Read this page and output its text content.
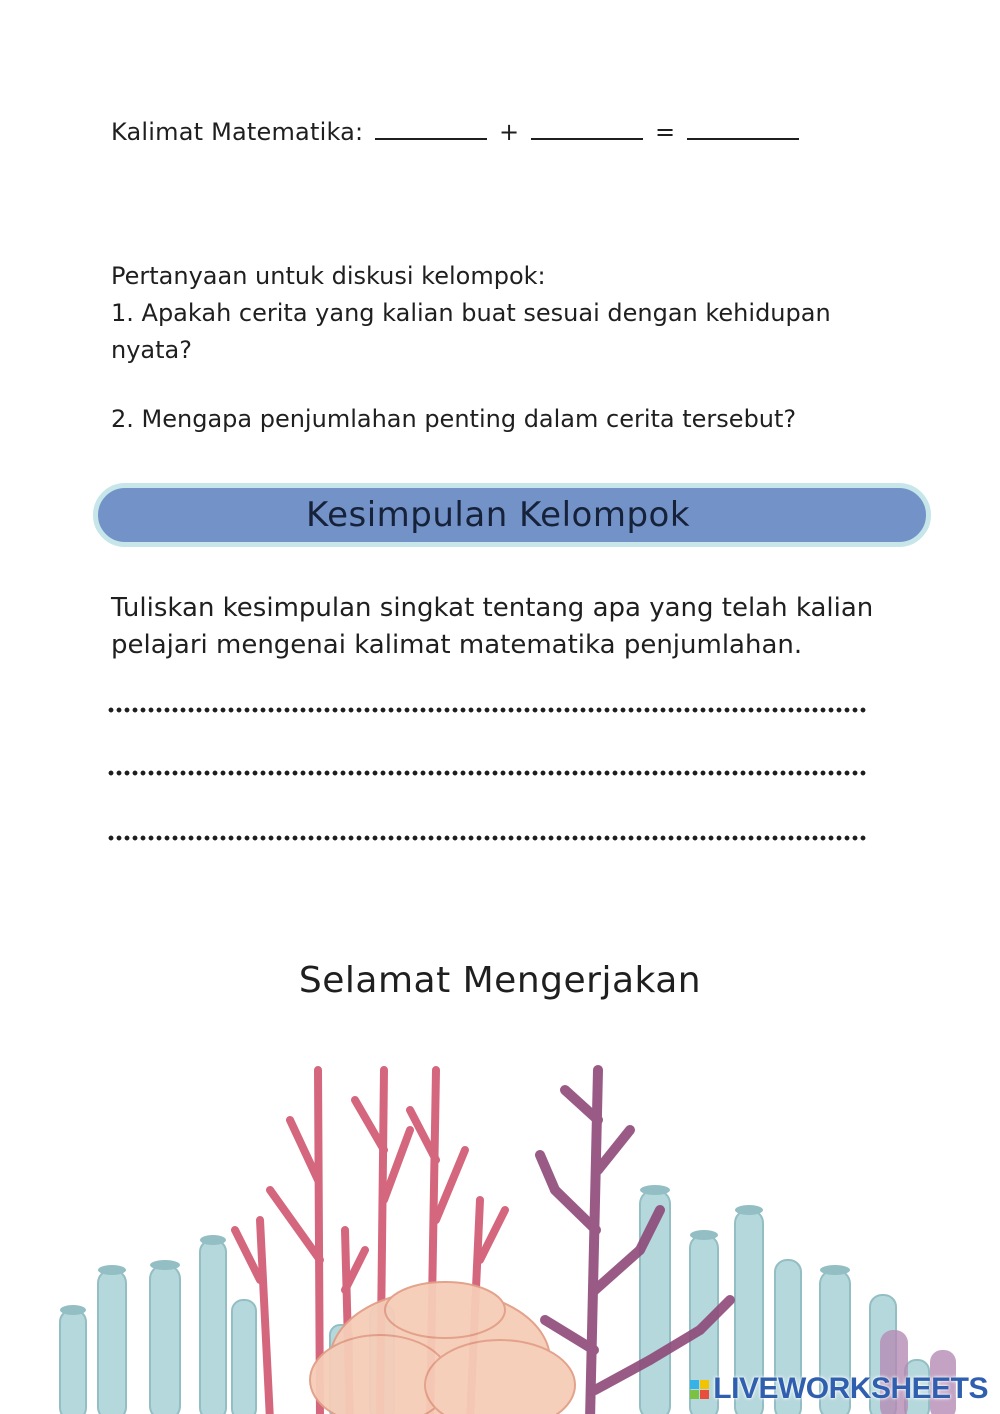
Kalimat Matematika:	+	=

Pertanyaan untuk diskusi kelompok:

1. Apakah cerita yang kalian buat sesuai dengan kehidupan nyata?

2. Mengapa penjumlahan penting dalam cerita tersebut?

Kesimpulan Kelompok
Tuliskan kesimpulan singkat tentang apa yang telah kalian pelajari mengenai kalimat matematika penjumlahan.
Selamat Mengerjakan
LIVEWORKSHEETS
